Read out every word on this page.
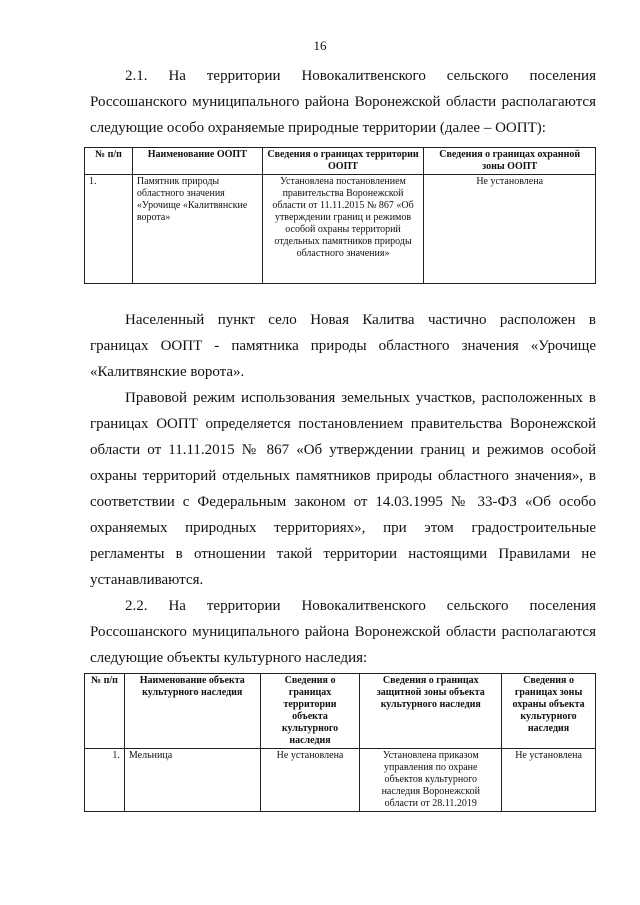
16
2.1. На территории Новокалитвенского сельского поселения
Россошанского муниципального района Воронежской области располагаются
следующие особо охраняемые природные территории (далее – ООПТ):
№ п/п	Наименование ООПТ	Сведения о границах территории ООПТ	Сведения о границах охранной зоны ООПТ
1.	Памятник природы областного значения «Урочище «Калитвянские ворота»	Установлена постановлением правительства Воронежской области от 11.11.2015 № 867 «Об утверждении границ и режимов особой охраны территорий отдельных памятников природы областного значения»	Не установлена
Населенный пункт село Новая Калитва частично расположен в
границах ООПТ - памятника природы областного значения «Урочище
«Калитвянские ворота».
Правовой режим использования земельных участков, расположенных в
границах ООПТ определяется постановлением правительства Воронежской
области от 11.11.2015 № 867 «Об утверждении границ и режимов особой
охраны территорий отдельных памятников природы областного значения», в
соответствии с Федеральным законом от 14.03.1995 № 33-ФЗ «Об особо
охраняемых природных территориях», при этом градостроительные
регламенты в отношении такой территории настоящими Правилами не
устанавливаются.
2.2. На территории Новокалитвенского сельского поселения
Россошанского муниципального района Воронежской области располагаются
следующие объекты культурного наследия:
№ п/п	Наименование объекта культурного наследия	Сведения о границах территории объекта культурного наследия	Сведения о границах защитной зоны объекта культурного наследия	Сведения о границах зоны охраны объекта культурного наследия
1.	Мельница	Не установлена	Установлена приказом управления по охране объектов культурного наследия Воронежской области от 28.11.2019	Не установлена
